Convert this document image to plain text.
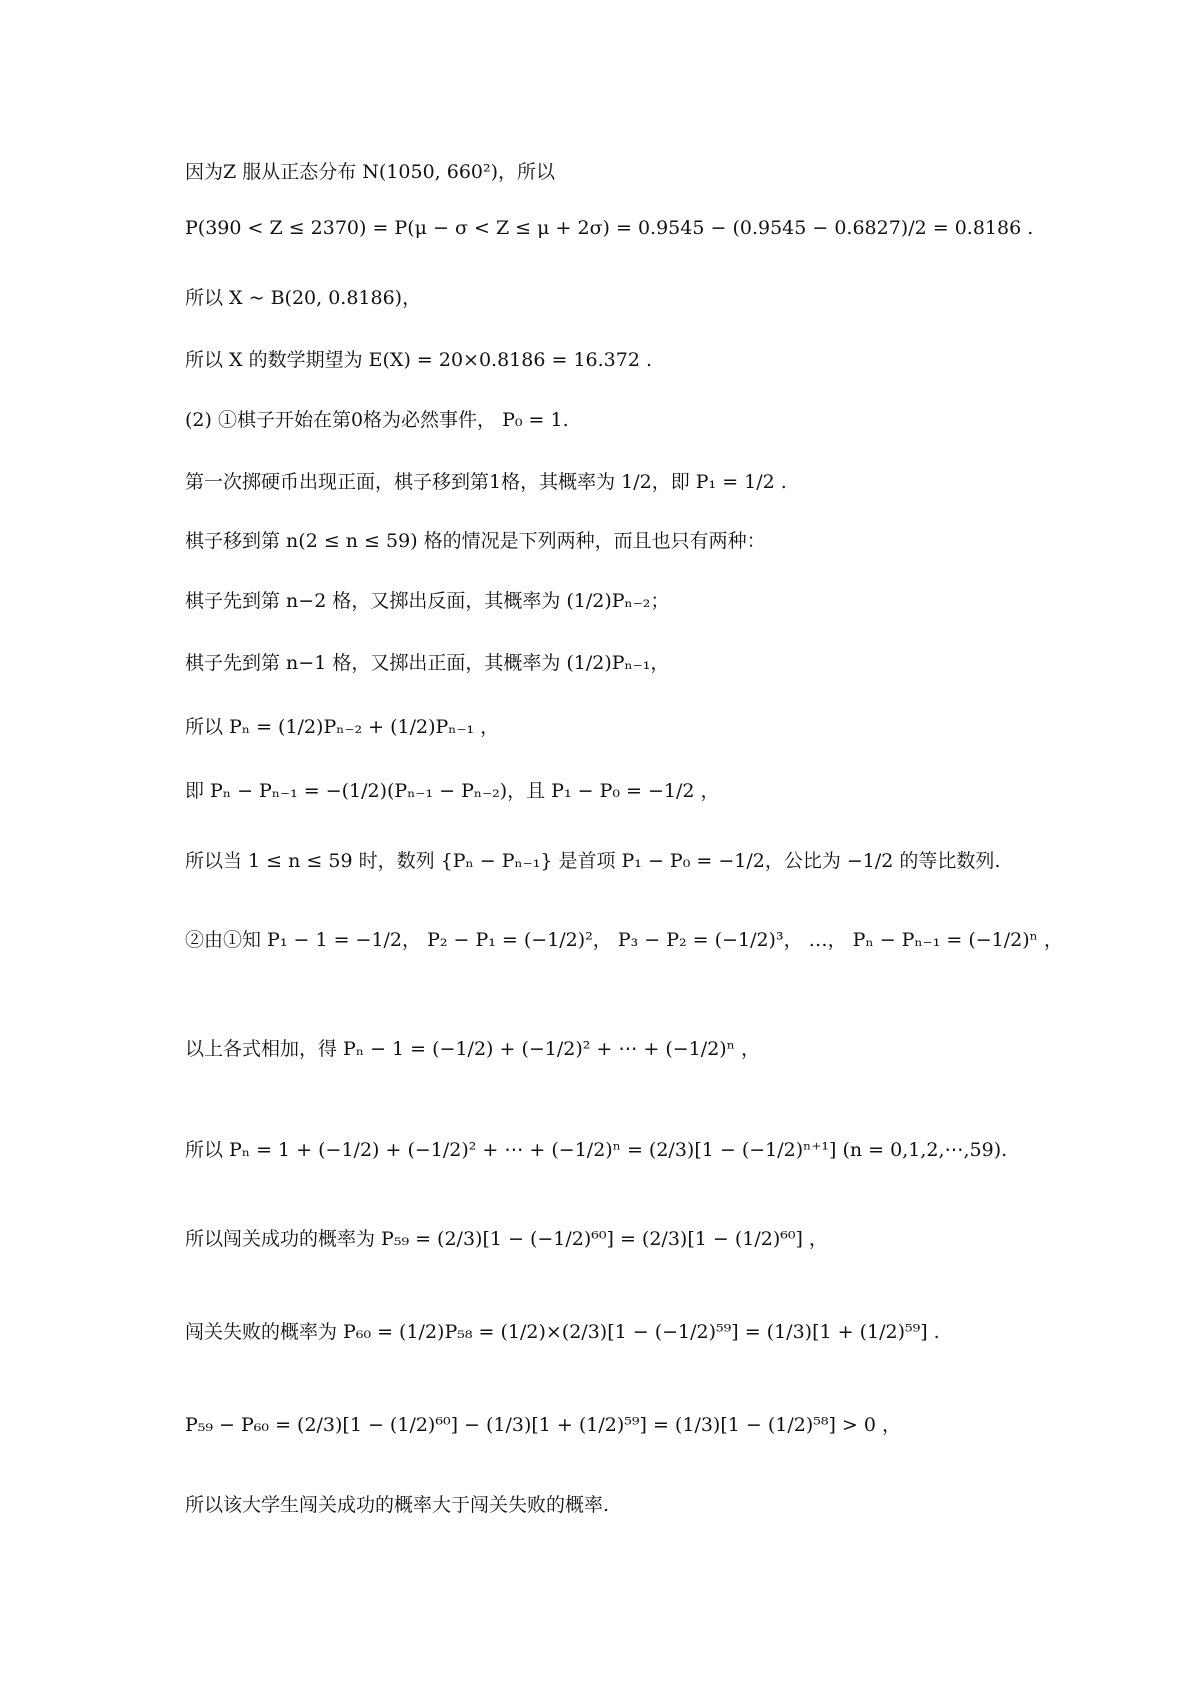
因为Z 服从正态分布 N(1050, 660²)，所以
P(390 < Z ≤ 2370) = P(μ − σ < Z ≤ μ + 2σ) = 0.9545 − (0.9545 − 0.6827)/2 = 0.8186 .
所以 X ~ B(20, 0.8186)，
所以 X 的数学期望为 E(X) = 20×0.8186 = 16.372 .
(2) ①棋子开始在第0格为必然事件， P₀ = 1.
第一次掷硬币出现正面，棋子移到第1格，其概率为 1/2，即 P₁ = 1/2 .
棋子移到第 n(2 ≤ n ≤ 59) 格的情况是下列两种，而且也只有两种：
棋子先到第 n−2 格，又掷出反面，其概率为 (1/2)Pₙ₋₂；
棋子先到第 n−1 格，又掷出正面，其概率为 (1/2)Pₙ₋₁，
所以 Pₙ = (1/2)Pₙ₋₂ + (1/2)Pₙ₋₁ ，
即 Pₙ − Pₙ₋₁ = −(1/2)(Pₙ₋₁ − Pₙ₋₂)，且 P₁ − P₀ = −1/2 ，
所以当 1 ≤ n ≤ 59 时，数列 {Pₙ − Pₙ₋₁} 是首项 P₁ − P₀ = −1/2，公比为 −1/2 的等比数列.
②由①知 P₁ − 1 = −1/2， P₂ − P₁ = (−1/2)²， P₃ − P₂ = (−1/2)³， …， Pₙ − Pₙ₋₁ = (−1/2)ⁿ ，
以上各式相加，得 Pₙ − 1 = (−1/2) + (−1/2)² + ⋯ + (−1/2)ⁿ ，
所以 Pₙ = 1 + (−1/2) + (−1/2)² + ⋯ + (−1/2)ⁿ = (2/3)[1 − (−1/2)ⁿ⁺¹] (n = 0,1,2,⋯,59).
所以闯关成功的概率为 P₅₉ = (2/3)[1 − (−1/2)⁶⁰] = (2/3)[1 − (1/2)⁶⁰] ，
闯关失败的概率为 P₆₀ = (1/2)P₅₈ = (1/2)×(2/3)[1 − (−1/2)⁵⁹] = (1/3)[1 + (1/2)⁵⁹] .
P₅₉ − P₆₀ = (2/3)[1 − (1/2)⁶⁰] − (1/3)[1 + (1/2)⁵⁹] = (1/3)[1 − (1/2)⁵⁸] > 0 ，
所以该大学生闯关成功的概率大于闯关失败的概率.
